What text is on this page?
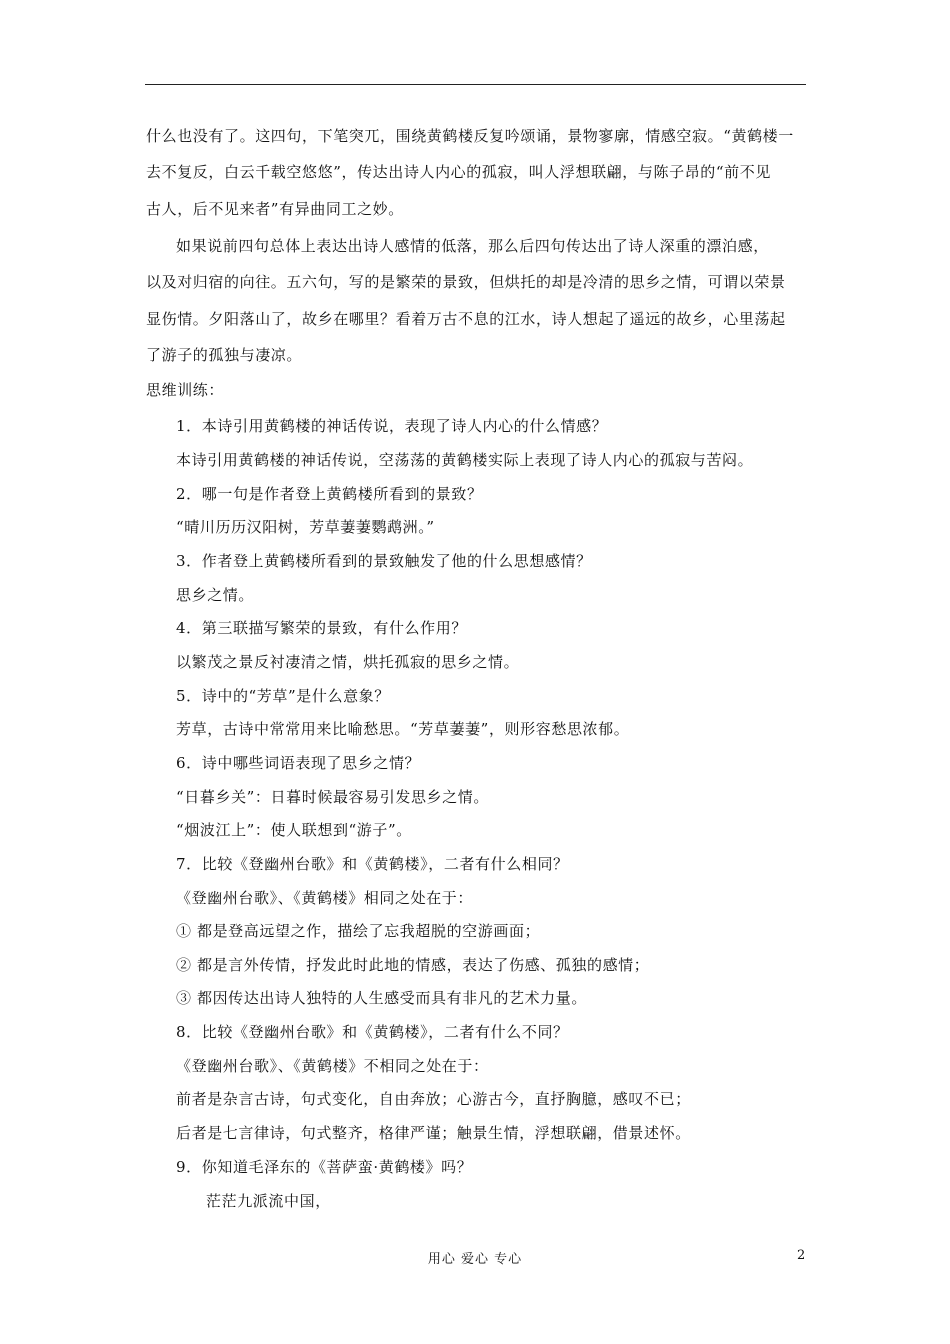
什么也没有了。这四句，下笔突兀，围绕黄鹤楼反复吟颂诵，景物寥廓，情感空寂。“黄鹤楼一
去不复反，白云千载空悠悠”，传达出诗人内心的孤寂，叫人浮想联翩，与陈子昂的“前不见
古人，后不见来者”有异曲同工之妙。
如果说前四句总体上表达出诗人感情的低落，那么后四句传达出了诗人深重的漂泊感，
以及对归宿的向往。五六句，写的是繁荣的景致，但烘托的却是冷清的思乡之情，可谓以荣景
显伤情。夕阳落山了，故乡在哪里？看着万古不息的江水，诗人想起了遥远的故乡，心里荡起
了游子的孤独与凄凉。
思维训练：
1．本诗引用黄鹤楼的神话传说，表现了诗人内心的什么情感？
本诗引用黄鹤楼的神话传说，空荡荡的黄鹤楼实际上表现了诗人内心的孤寂与苦闷。
2．哪一句是作者登上黄鹤楼所看到的景致？
“晴川历历汉阳树，芳草萋萋鹦鹉洲。”
3．作者登上黄鹤楼所看到的景致触发了他的什么思想感情？
思乡之情。
4．第三联描写繁荣的景致，有什么作用？
以繁茂之景反衬凄清之情，烘托孤寂的思乡之情。
5．诗中的“芳草”是什么意象？
芳草，古诗中常常用来比喻愁思。“芳草萋萋”，则形容愁思浓郁。
6．诗中哪些词语表现了思乡之情？
“日暮乡关”：日暮时候最容易引发思乡之情。
“烟波江上”：使人联想到“游子”。
7．比较《登幽州台歌》和《黄鹤楼》，二者有什么相同？
《登幽州台歌》、《黄鹤楼》相同之处在于：
① 都是登高远望之作，描绘了忘我超脱的空游画面；
② 都是言外传情，抒发此时此地的情感，表达了伤感、孤独的感情；
③ 都因传达出诗人独特的人生感受而具有非凡的艺术力量。
8．比较《登幽州台歌》和《黄鹤楼》，二者有什么不同？
《登幽州台歌》、《黄鹤楼》不相同之处在于：
前者是杂言古诗，句式变化，自由奔放；心游古今，直抒胸臆，感叹不已；
后者是七言律诗，句式整齐，格律严谨；触景生情，浮想联翩，借景述怀。
9．你知道毛泽东的《菩萨蛮·黄鹤楼》吗？
茫茫九派流中国，
用心 爱心 专心	2
